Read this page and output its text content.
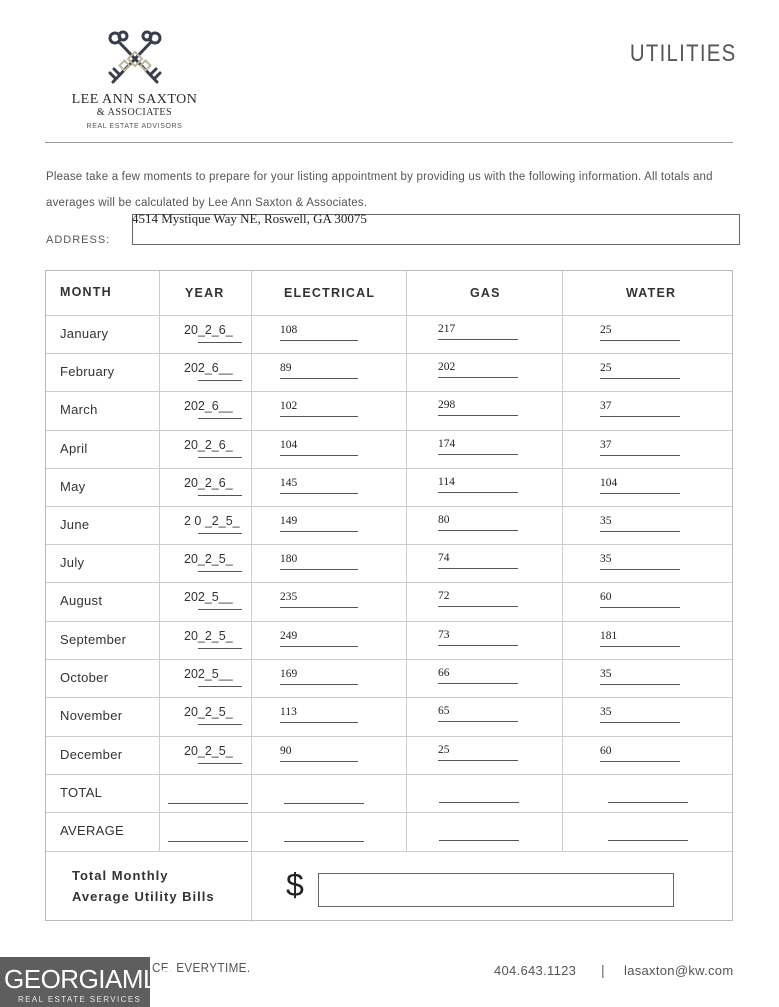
LEE ANN SAXTON
& ASSOCIATES
REAL ESTATE ADVISORS
UTILITIES
Please take a few moments to prepare for your listing appointment by providing us with the following information. All totals and averages will be calculated by Lee Ann Saxton & Associates.
ADDRESS:
4514 Mystique Way NE, Roswell, GA 30075
MONTH	YEAR	ELECTRICAL	GAS	WATER
Total Monthly
Average Utility Bills $
January	20_2_6_	108	217	25
February	202_6__	89	202	25
March	202_6__	102	298	37
April	20_2_6_	104	174	37
May	20_2_6_	145	114	104
June	2 0 _2_5_	149	80	35
July	20_2_5_	180	74	35
August	202_5__	235	72	60
September	20_2_5_	249	73	181
October	202_5__	169	66	35
November	20_2_5_	113	65	35
December	20_2_5_	90	25	60
TOTAL
AVERAGE
CE. EVERYTIME.	404.643.1123 | lasaxton@kw.com
GEORGIAMLS
REAL ESTATE SERVICES
